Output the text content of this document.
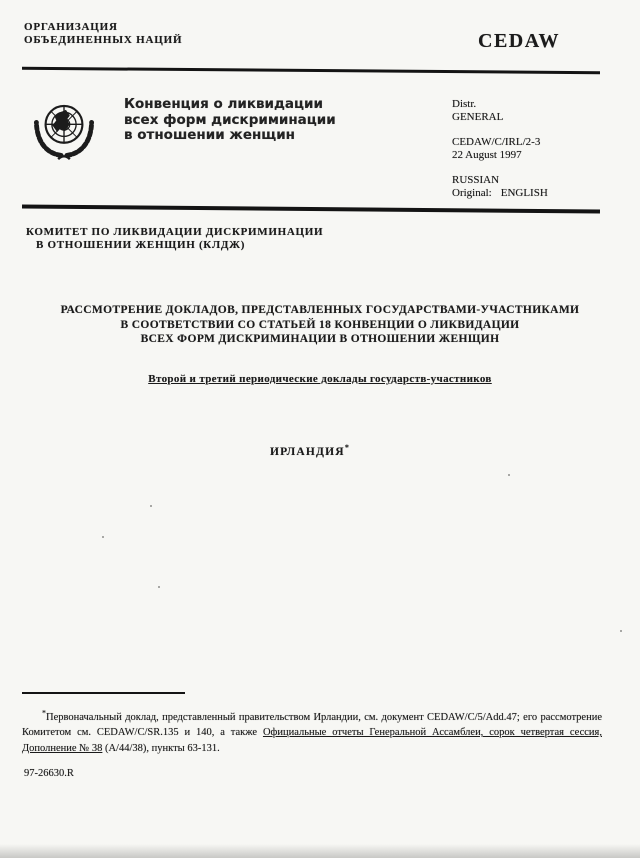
ОРГАНИЗАЦИЯ
ОБЪЕДИНЕННЫХ НАЦИЙ	CEDAW
Конвенция о ликвидации
всех форм дискриминации
в отношении женщин
Distr.
GENERAL
CEDAW/C/IRL/2-3
22 August 1997
RUSSIAN
Original: ENGLISH
КОМИТЕТ ПО ЛИКВИДАЦИИ ДИСКРИМИНАЦИИ
В ОТНОШЕНИИ ЖЕНЩИН (КЛДЖ)
РАССМОТРЕНИЕ ДОКЛАДОВ, ПРЕДСТАВЛЕННЫХ ГОСУДАРСТВАМИ-УЧАСТНИКАМИ
В СООТВЕТСТВИИ СО СТАТЬЕЙ 18 КОНВЕНЦИИ О ЛИКВИДАЦИИ
ВСЕХ ФОРМ ДИСКРИМИНАЦИИ В ОТНОШЕНИИ ЖЕНЩИН
Второй и третий периодические доклады государств-участников
ИРЛАНДИЯ*

*Первоначальный доклад, представленный правительством Ирландии, см. документ CEDAW/C/5/Add.47; его рассмотрение Комитетом см. CEDAW/C/SR.135 и 140, а также Официальные отчеты Генеральной Ассамблеи, сорок четвертая сессия, Дополнение № 38 (A/44/38), пункты 63-131.

97-26630.R
